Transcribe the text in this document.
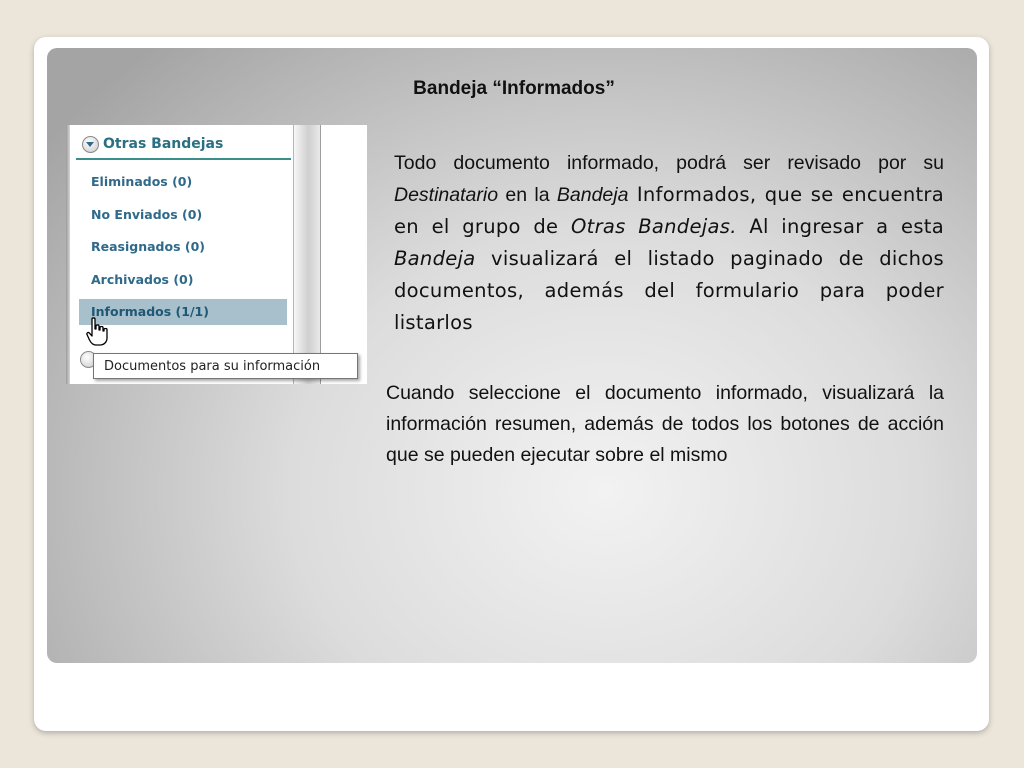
Bandeja “Informados”
Otras Bandejas
Eliminados (0)
No Enviados (0)
Reasignados (0)
Archivados (0)
Informados (1/1)
Documentos para su información
Todo documento informado, podrá ser revisado por su Destinatario en la Bandeja Informados, que se encuentra en el grupo de Otras Bandejas. Al ingresar a esta Bandeja visualizará el listado paginado de dichos documentos, además del formulario para poder listarlos
Cuando seleccione el documento informado, visualizará la información resumen, además de todos los botones de acción que se pueden ejecutar sobre el mismo
